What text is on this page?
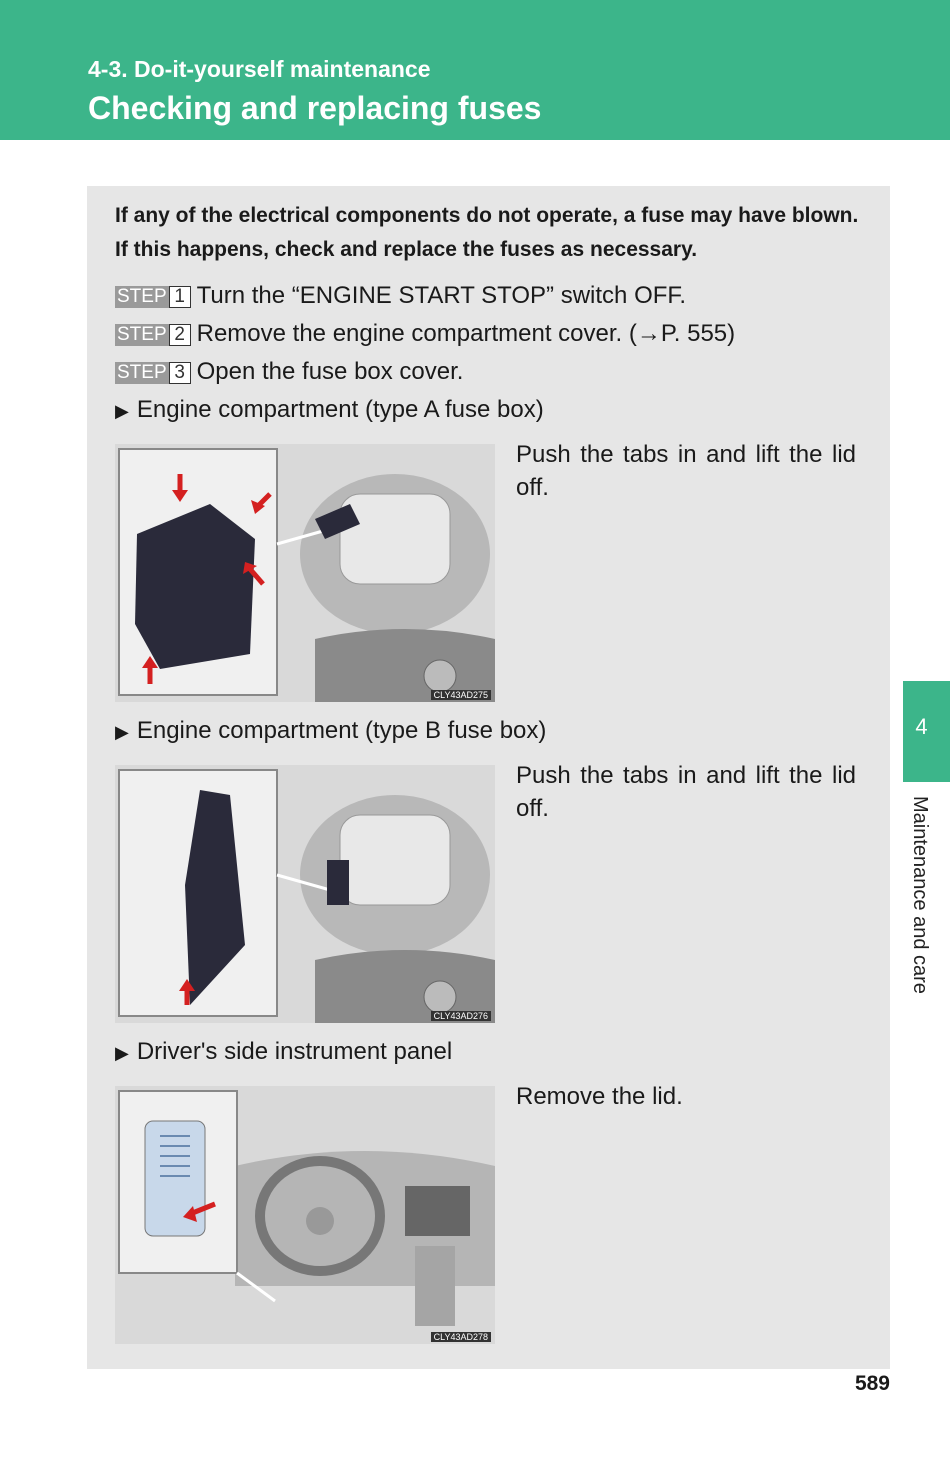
4-3. Do-it-yourself maintenance
Checking and replacing fuses
If any of the electrical components do not operate, a fuse may have blown. If this happens, check and replace the fuses as necessary.
STEP 1 Turn the “ENGINE START STOP” switch OFF.
STEP 2 Remove the engine compartment cover. (→P. 555)
STEP 3 Open the fuse box cover.
▶ Engine compartment (type A fuse box)
CLY43AD275
Push the tabs in and lift the lid off.
▶ Engine compartment (type B fuse box)
CLY43AD276
Push the tabs in and lift the lid off.
▶ Driver's side instrument panel
CLY43AD278
Remove the lid.
4
Maintenance and care
589
